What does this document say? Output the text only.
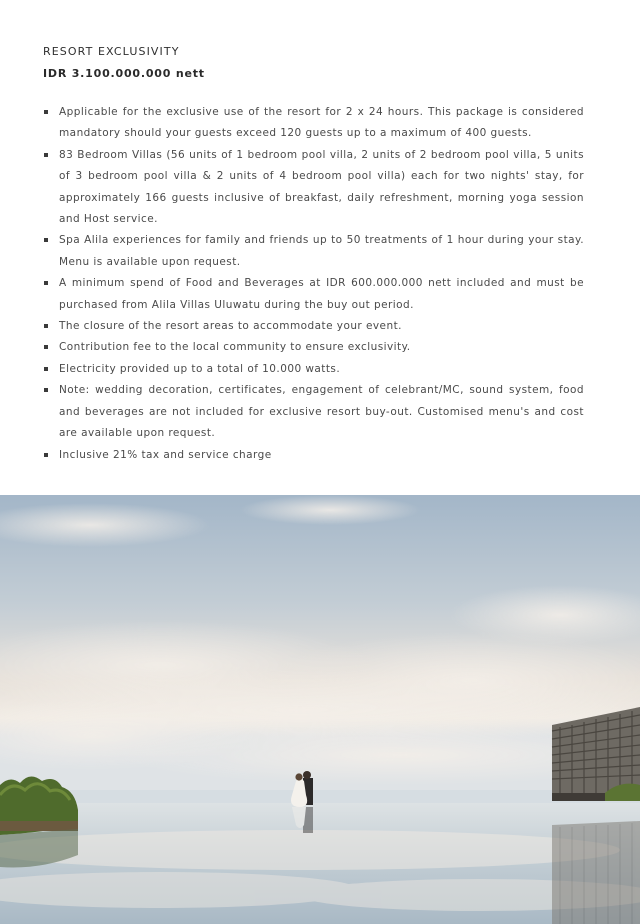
RESORT EXCLUSIVITY

IDR 3.100.000.000 nett

Applicable for the exclusive use of the resort for 2 x 24 hours. This package is considered mandatory should your guests exceed 120 guests up to a maximum of 400 guests.
83 Bedroom Villas (56 units of 1 bedroom pool villa, 2 units of 2 bedroom pool villa, 5 units of 3 bedroom pool villa & 2 units of 4 bedroom pool villa) each for two nights' stay, for approximately 166 guests inclusive of breakfast, daily refreshment, morning yoga session and Host service.
Spa Alila experiences for family and friends up to 50 treatments of 1 hour during your stay. Menu is available upon request.
A minimum spend of Food and Beverages at IDR 600.000.000 nett included and must be purchased from Alila Villas Uluwatu during the buy out period.
The closure of the resort areas to accommodate your event.
Contribution fee to the local community to ensure exclusivity.
Electricity provided up to a total of 10.000 watts.
Note: wedding decoration, certificates, engagement of celebrant/MC, sound system, food and beverages are not included for exclusive resort buy-out. Customised menu's and cost are available upon request.
Inclusive 21% tax and service charge
